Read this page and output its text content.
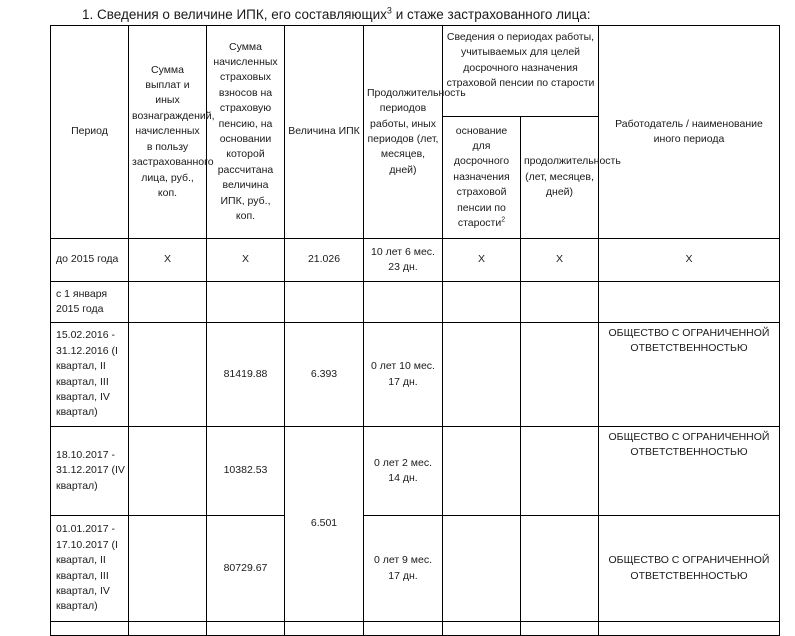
1. Сведения о величине ИПК, его составляющих$^3$ и стаже застрахованного лица:
Период	Сумма выплат и иных вознаграждений, начисленных в пользу застрахованного лица, руб., коп.	Сумма начисленных страховых взносов на страховую пенсию, на основании которой рассчитана величина ИПК, руб., коп.	Величина ИПК	Продолжительность периодов работы, иных периодов (лет, месяцев, дней)	Сведения о периодах работы, учитываемых для целей досрочного назначения страховой пенсии по старости		Работодатель / наименование иного периода
					основание для досрочного назначения страховой пенсии по старости$^2$	продолжительность (лет, месяцев, дней)	
до 2015 года	X	X	21.026	10 лет 6 мес. 23 дн.	X	X	X
с 1 января 2015 года							
15.02.2016 - 31.12.2016 (I квартал, II квартал, III квартал, IV квартал)		81419.88	6.393	0 лет 10 мес. 17 дн.			ОБЩЕСТВО С ОГРАНИЧЕННОЙ ОТВЕТСТВЕННОСТЬЮ
18.10.2017 - 31.12.2017 (IV квартал)		10382.53	6.501	0 лет 2 мес. 14 дн.			ОБЩЕСТВО С ОГРАНИЧЕННОЙ ОТВЕТСТВЕННОСТЬЮ
01.01.2017 - 17.10.2017 (I квартал, II квартал, III квартал, IV квартал)		80729.67		0 лет 9 мес. 17 дн.			ОБЩЕСТВО С ОГРАНИЧЕННОЙ ОТВЕТСТВЕННОСТЬЮ
